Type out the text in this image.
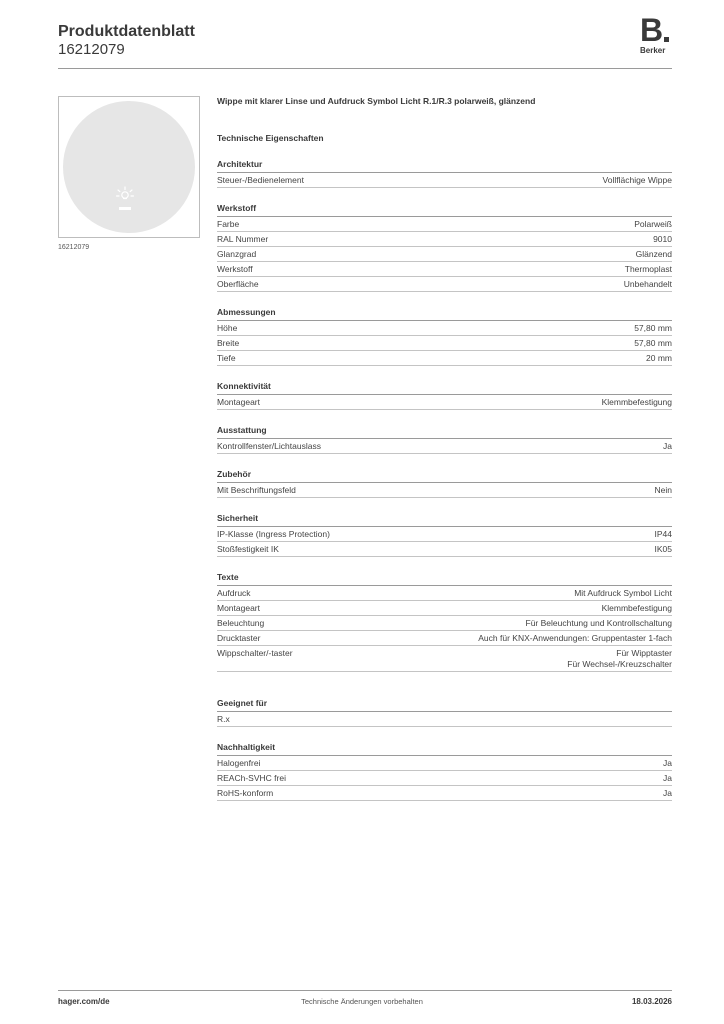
Produktdatenblatt
16212079
B
Berker
16212079
Wippe mit klarer Linse und Aufdruck Symbol Licht R.1/R.3 polarweiß, glänzend
Technische Eigenschaften
Architektur
Steuer-/Bedienelement	Vollflächige Wippe
Werkstoff
Farbe	Polarweiß
RAL Nummer	9010
Glanzgrad	Glänzend
Werkstoff	Thermoplast
Oberfläche	Unbehandelt
Abmessungen
Höhe	57,80 mm
Breite	57,80 mm
Tiefe	20 mm
Konnektivität
Montageart	Klemmbefestigung
Ausstattung
Kontrollfenster/Lichtauslass	Ja
Zubehör
Mit Beschriftungsfeld	Nein
Sicherheit
IP-Klasse (Ingress Protection)	IP44
Stoßfestigkeit IK	IK05
Texte
Aufdruck	Mit Aufdruck Symbol Licht
Montageart	Klemmbefestigung
Beleuchtung	Für Beleuchtung und Kontrollschaltung
Drucktaster	Auch für KNX-Anwendungen: Gruppentaster 1-fach
Wippschalter/-taster	Für Wipptaster
Für Wechsel-/Kreuzschalter
Geeignet für
R.x
Nachhaltigkeit
Halogenfrei	Ja
REACh-SVHC frei	Ja
RoHS-konform	Ja
hager.com/de	Technische Änderungen vorbehalten	18.03.2026
